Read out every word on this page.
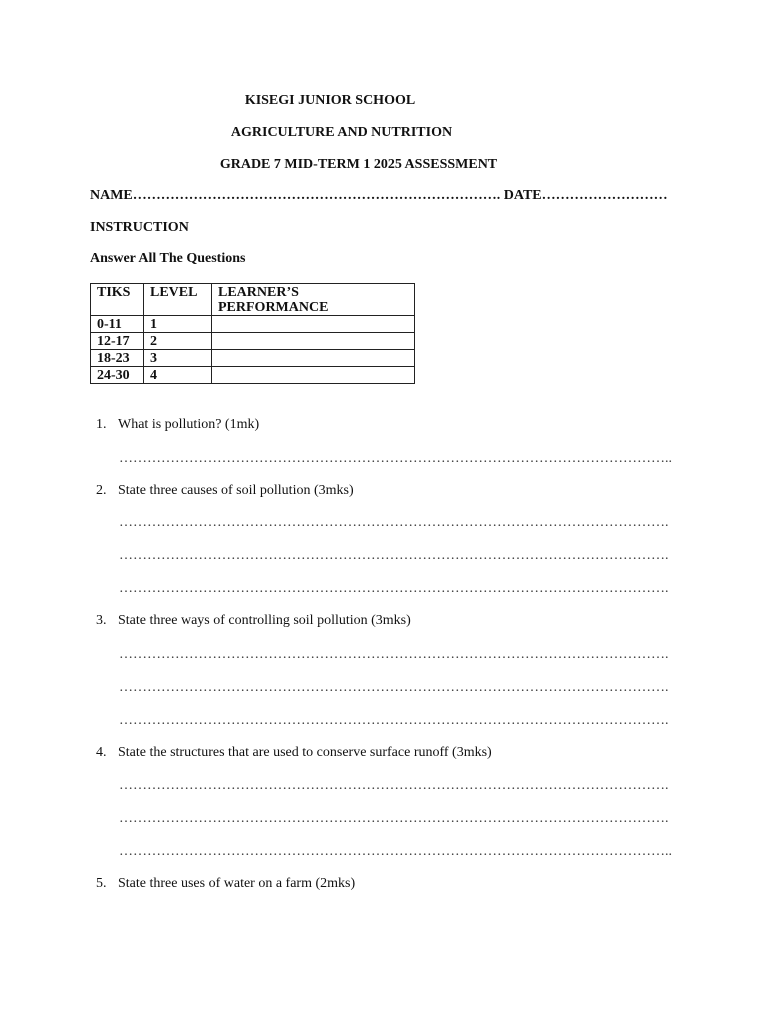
KISEGI JUNIOR SCHOOL
AGRICULTURE AND NUTRITION
GRADE 7 MID-TERM 1 2025 ASSESSMENT
NAME……………………………………………………………………. DATE………………………
INSTRUCTION
Answer All The Questions
TIKS	LEVEL	LEARNER’S PERFORMANCE
0-11	1	
12-17	2	
18-23	3	
24-30	4	
1. What is pollution? (1mk)
………………………………………………………………………………………………………..
2. State three causes of soil pollution (3mks)
……………………………………………………………………………………………………….
……………………………………………………………………………………………………….
……………………………………………………………………………………………………….
3. State three ways of controlling soil pollution (3mks)
……………………………………………………………………………………………………….
……………………………………………………………………………………………………….
……………………………………………………………………………………………………….
4. State the structures that are used to conserve surface runoff (3mks)
……………………………………………………………………………………………………….
……………………………………………………………………………………………………….
………………………………………………………………………………………………………..
5. State three uses of water on a farm (2mks)
